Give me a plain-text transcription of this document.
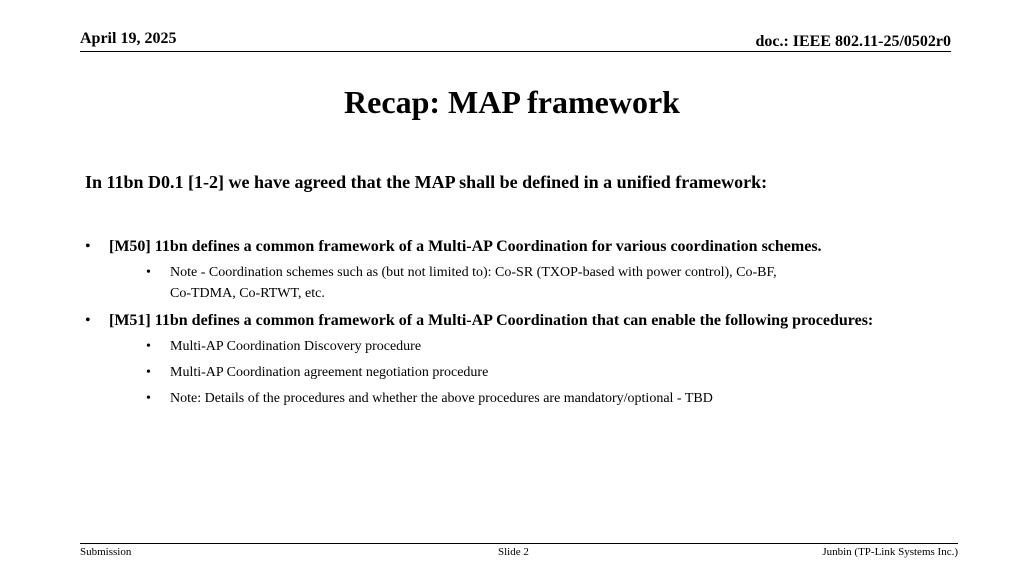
April 19, 2025	doc.: IEEE 802.11-25/0502r0
Recap: MAP framework
In 11bn D0.1 [1-2] we have agreed that the MAP shall be defined in a unified framework:
• [M50] 11bn defines a common framework of a Multi-AP Coordination for various coordination schemes.
• Note - Coordination schemes such as (but not limited to): Co-SR (TXOP-based with power control), Co-BF, Co-TDMA, Co-RTWT, etc.
• [M51] 11bn defines a common framework of a Multi-AP Coordination that can enable the following procedures:
• Multi-AP Coordination Discovery procedure
• Multi-AP Coordination agreement negotiation procedure
• Note: Details of the procedures and whether the above procedures are mandatory/optional - TBD
Submission	Slide 2	Junbin (TP-Link Systems Inc.)
